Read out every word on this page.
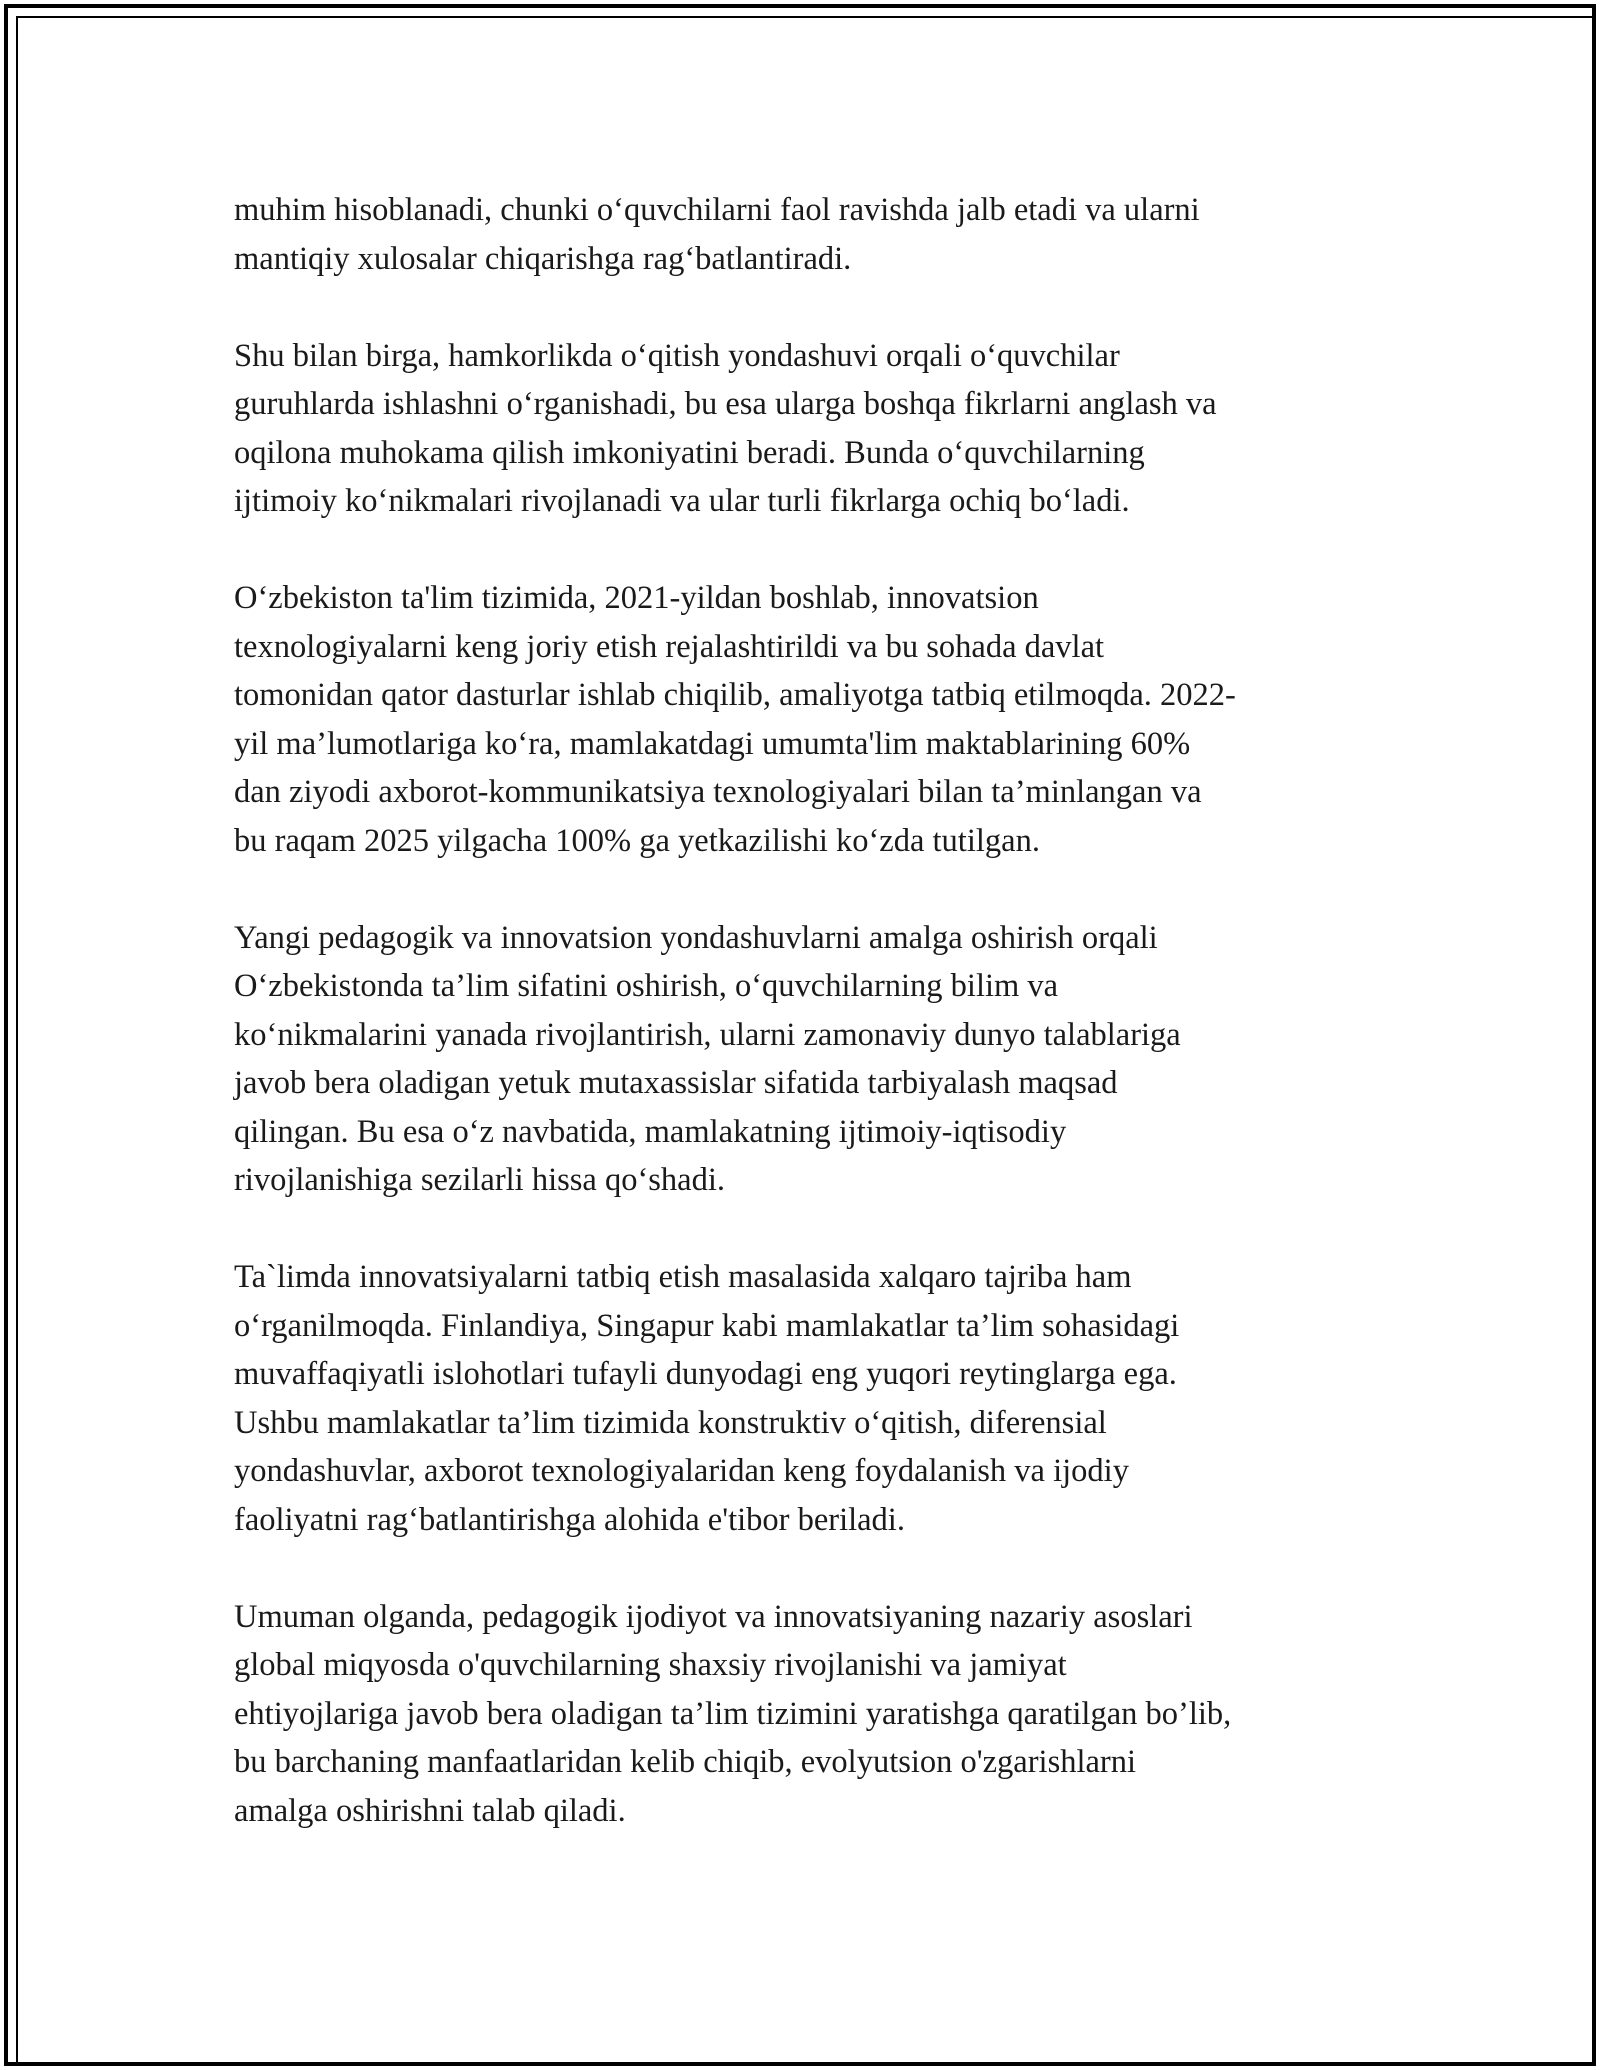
muhim hisoblanadi, chunki o‘quvchilarni faol ravishda jalb etadi va ularni
mantiqiy xulosalar chiqarishga rag‘batlantiradi.

Shu bilan birga, hamkorlikda o‘qitish yondashuvi orqali o‘quvchilar
guruhlarda ishlashni o‘rganishadi, bu esa ularga boshqa fikrlarni anglash va
oqilona muhokama qilish imkoniyatini beradi. Bunda o‘quvchilarning
ijtimoiy ko‘nikmalari rivojlanadi va ular turli fikrlarga ochiq bo‘ladi.

O‘zbekiston ta'lim tizimida, 2021-yildan boshlab, innovatsion
texnologiyalarni keng joriy etish rejalashtirildi va bu sohada davlat
tomonidan qator dasturlar ishlab chiqilib, amaliyotga tatbiq etilmoqda. 2022-
yil ma’lumotlariga ko‘ra, mamlakatdagi umumta'lim maktablarining 60%
dan ziyodi axborot-kommunikatsiya texnologiyalari bilan ta’minlangan va
bu raqam 2025 yilgacha 100% ga yetkazilishi ko‘zda tutilgan.

Yangi pedagogik va innovatsion yondashuvlarni amalga oshirish orqali
O‘zbekistonda ta’lim sifatini oshirish, o‘quvchilarning bilim va
ko‘nikmalarini yanada rivojlantirish, ularni zamonaviy dunyo talablariga
javob bera oladigan yetuk mutaxassislar sifatida tarbiyalash maqsad
qilingan. Bu esa o‘z navbatida, mamlakatning ijtimoiy-iqtisodiy
rivojlanishiga sezilarli hissa qo‘shadi.

Ta`limda innovatsiyalarni tatbiq etish masalasida xalqaro tajriba ham
o‘rganilmoqda. Finlandiya, Singapur kabi mamlakatlar ta’lim sohasidagi
muvaffaqiyatli islohotlari tufayli dunyodagi eng yuqori reytinglarga ega.
Ushbu mamlakatlar ta’lim tizimida konstruktiv o‘qitish, diferensial
yondashuvlar, axborot texnologiyalaridan keng foydalanish va ijodiy
faoliyatni rag‘batlantirishga alohida e'tibor beriladi.

Umuman olganda, pedagogik ijodiyot va innovatsiyaning nazariy asoslari
global miqyosda o'quvchilarning shaxsiy rivojlanishi va jamiyat
ehtiyojlariga javob bera oladigan ta’lim tizimini yaratishga qaratilgan bo’lib,
bu barchaning manfaatlaridan kelib chiqib, evolyutsion o'zgarishlarni
amalga oshirishni talab qiladi.
